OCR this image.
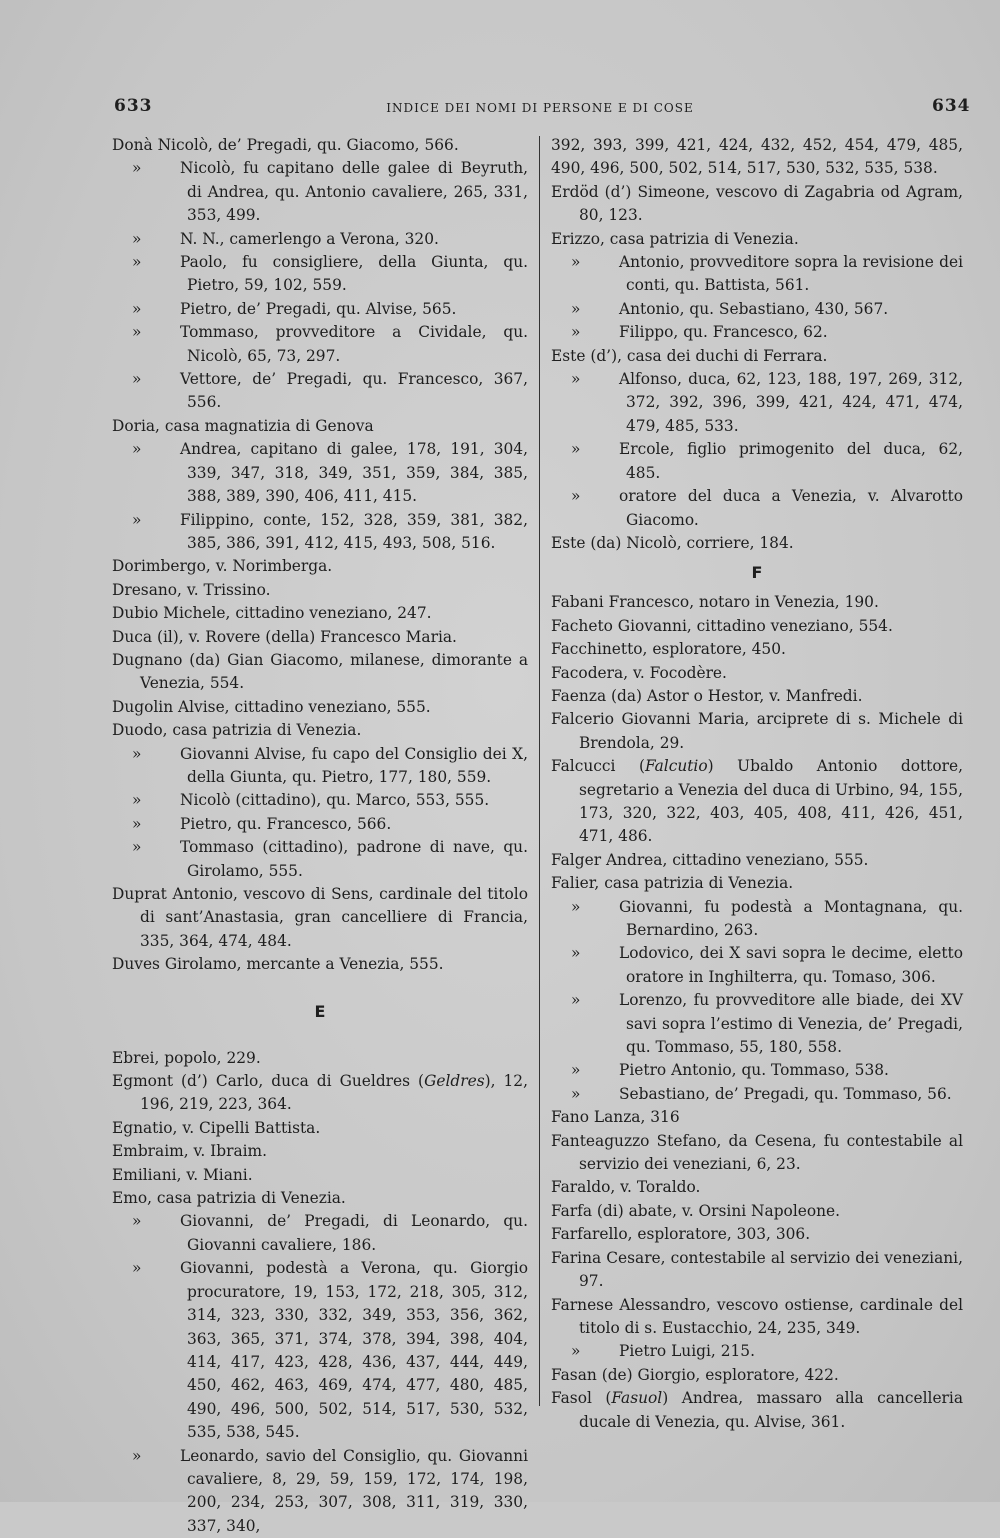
633	INDICE DEI NOMI DI PERSONE E DI COSE	634
Donà Nicolò, de’ Pregadi, qu. Giacomo, 566.
» Nicolò, fu capitano delle galee di Beyruth, di Andrea, qu. Antonio cavaliere, 265, 331, 353, 499.
» N. N., camerlengo a Verona, 320.
» Paolo, fu consigliere, della Giunta, qu. Pietro, 59, 102, 559.
» Pietro, de’ Pregadi, qu. Alvise, 565.
» Tommaso, provveditore a Cividale, qu. Nicolò, 65, 73, 297.
» Vettore, de’ Pregadi, qu. Francesco, 367, 556.
Doria, casa magnatizia di Genova
» Andrea, capitano di galee, 178, 191, 304, 339, 347, 318, 349, 351, 359, 384, 385, 388, 389, 390, 406, 411, 415.
» Filippino, conte, 152, 328, 359, 381, 382, 385, 386, 391, 412, 415, 493, 508, 516.
Dorimbergo, v. Norimberga.
Dresano, v. Trissino.
Dubio Michele, cittadino veneziano, 247.
Duca (il), v. Rovere (della) Francesco Maria.
Dugnano (da) Gian Giacomo, milanese, dimorante a Venezia, 554.
Dugolin Alvise, cittadino veneziano, 555.
Duodo, casa patrizia di Venezia.
» Giovanni Alvise, fu capo del Consiglio dei X, della Giunta, qu. Pietro, 177, 180, 559.
» Nicolò (cittadino), qu. Marco, 553, 555.
» Pietro, qu. Francesco, 566.
» Tommaso (cittadino), padrone di nave, qu. Girolamo, 555.
Duprat Antonio, vescovo di Sens, cardinale del titolo di sant’Anastasia, gran cancelliere di Francia, 335, 364, 474, 484.
Duves Girolamo, mercante a Venezia, 555.
E
Ebrei, popolo, 229.
Egmont (d’) Carlo, duca di Gueldres (Geldres), 12, 196, 219, 223, 364.
Egnatio, v. Cipelli Battista.
Embraim, v. Ibraim.
Emiliani, v. Miani.
Emo, casa patrizia di Venezia.
» Giovanni, de’ Pregadi, di Leonardo, qu. Giovanni cavaliere, 186.
» Giovanni, podestà a Verona, qu. Giorgio procuratore, 19, 153, 172, 218, 305, 312, 314, 323, 330, 332, 349, 353, 356, 362, 363, 365, 371, 374, 378, 394, 398, 404, 414, 417, 423, 428, 436, 437, 444, 449, 450, 462, 463, 469, 474, 477, 480, 485, 490, 496, 500, 502, 514, 517, 530, 532, 535, 538, 545.
» Leonardo, savio del Consiglio, qu. Giovanni cavaliere, 8, 29, 59, 159, 172, 174, 198, 200, 234, 253, 307, 308, 311, 319, 330, 337, 340,
392, 393, 399, 421, 424, 432, 452, 454, 479, 485, 490, 496, 500, 502, 514, 517, 530, 532, 535, 538.
Erdöd (d’) Simeone, vescovo di Zagabria od Agram, 80, 123.
Erizzo, casa patrizia di Venezia.
» Antonio, provveditore sopra la revisione dei conti, qu. Battista, 561.
» Antonio, qu. Sebastiano, 430, 567.
» Filippo, qu. Francesco, 62.
Este (d’), casa dei duchi di Ferrara.
» Alfonso, duca, 62, 123, 188, 197, 269, 312, 372, 392, 396, 399, 421, 424, 471, 474, 479, 485, 533.
» Ercole, figlio primogenito del duca, 62, 485.
» oratore del duca a Venezia, v. Alvarotto Giacomo.
Este (da) Nicolò, corriere, 184.
F
Fabani Francesco, notaro in Venezia, 190.
Facheto Giovanni, cittadino veneziano, 554.
Facchinetto, esploratore, 450.
Facodera, v. Focodère.
Faenza (da) Astor o Hestor, v. Manfredi.
Falcerio Giovanni Maria, arciprete di s. Michele di Brendola, 29.
Falcucci (Falcutio) Ubaldo Antonio dottore, segretario a Venezia del duca di Urbino, 94, 155, 173, 320, 322, 403, 405, 408, 411, 426, 451, 471, 486.
Falger Andrea, cittadino veneziano, 555.
Falier, casa patrizia di Venezia.
» Giovanni, fu podestà a Montagnana, qu. Bernardino, 263.
» Lodovico, dei X savi sopra le decime, eletto oratore in Inghilterra, qu. Tomaso, 306.
» Lorenzo, fu provveditore alle biade, dei XV savi sopra l’estimo di Venezia, de’ Pregadi, qu. Tommaso, 55, 180, 558.
» Pietro Antonio, qu. Tommaso, 538.
» Sebastiano, de’ Pregadi, qu. Tommaso, 56.
Fano Lanza, 316
Fanteaguzzo Stefano, da Cesena, fu contestabile al servizio dei veneziani, 6, 23.
Faraldo, v. Toraldo.
Farfa (di) abate, v. Orsini Napoleone.
Farfarello, esploratore, 303, 306.
Farina Cesare, contestabile al servizio dei veneziani, 97.
Farnese Alessandro, vescovo ostiense, cardinale del titolo di s. Eustacchio, 24, 235, 349.
» Pietro Luigi, 215.
Fasan (de) Giorgio, esploratore, 422.
Fasol (Fasuol) Andrea, massaro alla cancelleria ducale di Venezia, qu. Alvise, 361.
